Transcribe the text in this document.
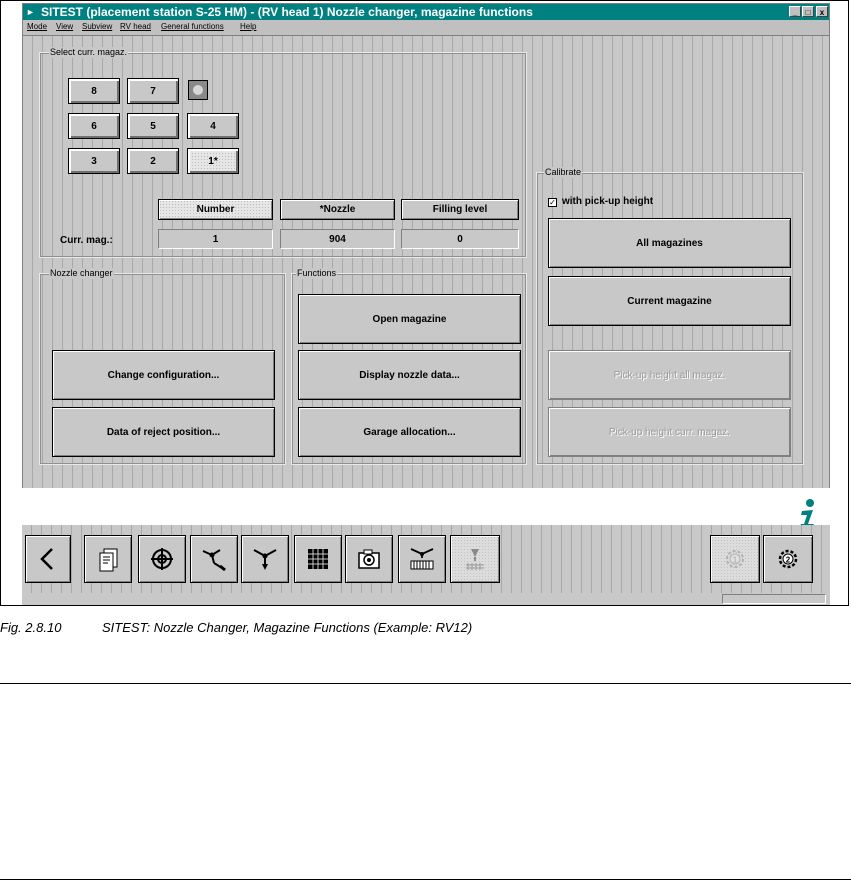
► SITEST (placement station S-25 HM) - (RV head 1) Nozzle changer, magazine functions	_	□	x
Mode View Subview RV head General functions Help
Select curr. magaz.
8	7
6	5	4
3	2	1*
Number	*Nozzle	Filling level
Curr. mag.:	1	904	0
Nozzle changer
Change configuration...
Data of reject position...
Functions
Open magazine
Display nozzle data...
Garage allocation...
Calibrate
✓ with pick-up height
All magazines
Current magazine
Pick-up height all magaz.
Pick-up height curr. magaz.
1	2
Fig. 2.8.10	SITEST: Nozzle Changer, Magazine Functions (Example: RV12)
